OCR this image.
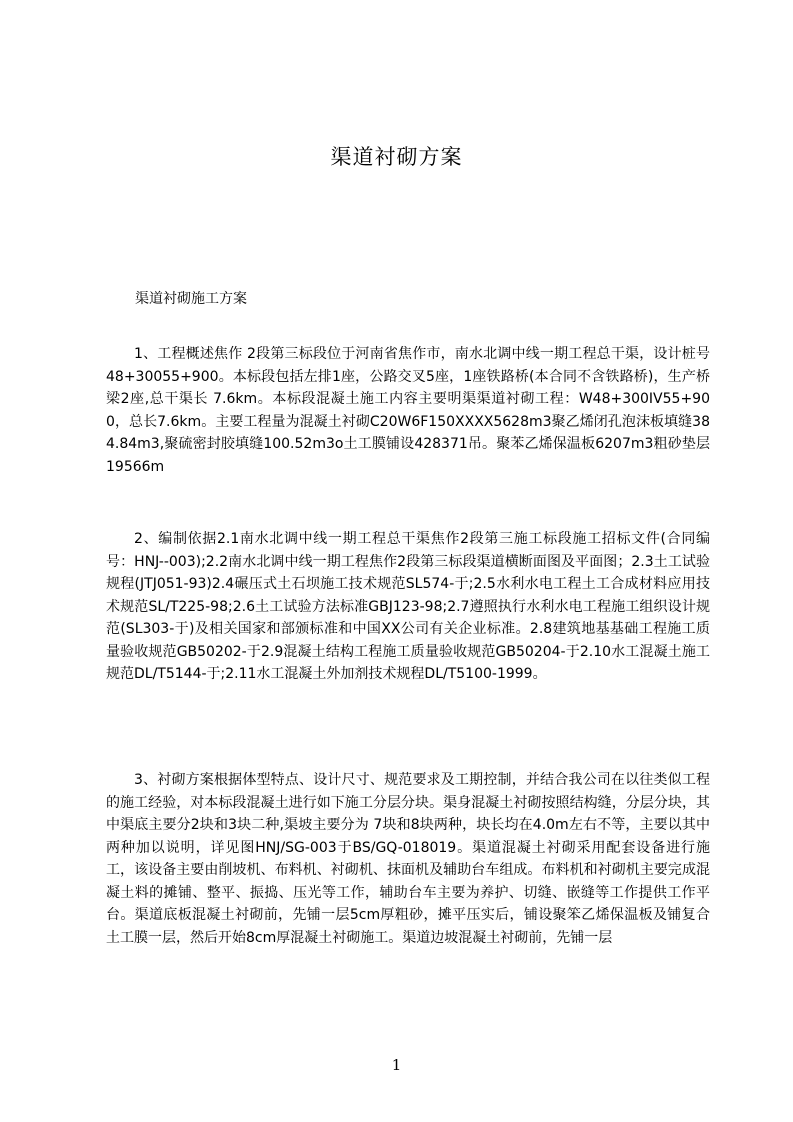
渠道衬砌方案
渠道衬砌施工方案

1、工程概述焦作 2段第三标段位于河南省焦作市，南水北调中线一期工程总干渠，设计桩号 48+30055+900。本标段包括左排1座，公路交叉5座，1座铁路桥(本合同不含铁路桥)，生产桥梁2座,总干渠长 7.6km。本标段混凝土施工内容主要明渠渠道衬砌工程：W48+300IV55+900，总长7.6km。主要工程量为混凝土衬砌C20W6F150XXXX5628m3聚乙烯闭孔泡沫板填缝384.84m3,聚硫密封胶填缝100.52m3o土工膜铺设428371吊。聚苯乙烯保温板6207m3粗砂垫层19566m

2、编制依据2.1南水北调中线一期工程总干渠焦作2段第三施工标段施工招标文件(合同编号：HNJ--003);2.2南水北调中线一期工程焦作2段第三标段渠道横断面图及平面图；2.3土工试验规程(JTJ051-93)2.4碾压式土石坝施工技术规范SL574-于;2.5水利水电工程土工合成材料应用技术规范SL/T225-98;2.6土工试验方法标准GBJ123-98;2.7遵照执行水利水电工程施工组织设计规范(SL303-于)及相关国家和部颁标准和中国XX公司有关企业标准。2.8建筑地基基础工程施工质量验收规范GB50202-于2.9混凝土结构工程施工质量验收规范GB50204-于2.10水工混凝土施工规范DL/T5144-于;2.11水工混凝土外加剂技术规程DL/T5100-1999。

3、衬砌方案根据体型特点、设计尺寸、规范要求及工期控制，并结合我公司在以往类似工程的施工经验，对本标段混凝土进行如下施工分层分块。渠身混凝土衬砌按照结构缝，分层分块，其中渠底主要分2块和3块二种,渠坡主要分为 7块和8块两种，块长均在4.0m左右不等，主要以其中两种加以说明，详见图HNJ/SG-003于BS/GQ-018019。渠道混凝土衬砌采用配套设备进行施工，该设备主要由削坡机、布料机、衬砌机、抹面机及辅助台车组成。布料机和衬砌机主要完成混凝土料的摊铺、整平、振捣、压光等工作，辅助台车主要为养护、切缝、嵌缝等工作提供工作平台。渠道底板混凝土衬砌前，先铺一层5cm厚粗砂，摊平压实后，铺设聚笨乙烯保温板及铺复合土工膜一层，然后开始8cm厚混凝土衬砌施工。渠道边坡混凝土衬砌前，先铺一层

1
